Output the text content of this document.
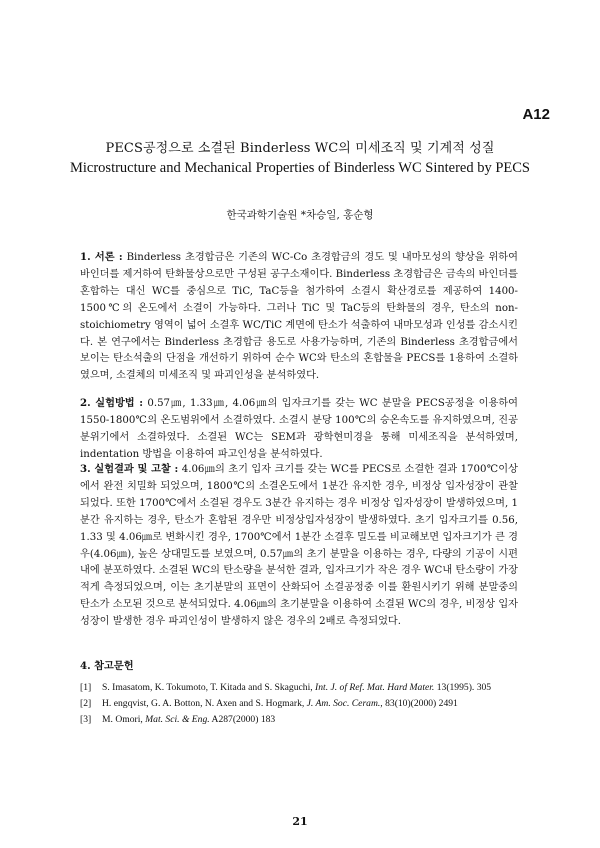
A12
PECS공정으로 소결된 Binderless WC의 미세조직 및 기계적 성질
Microstructure and Mechanical Properties of Binderless WC Sintered by PECS
한국과학기술원 *차승일, 홍순형
1. 서론 : Binderless 초경합금은 기존의 WC-Co 초경합금의 경도 및 내마모성의 향상을 위하여 바인더를 제거하여 탄화물상으로만 구성된 공구소재이다. Binderless 초경합금은 금속의 바인더를 혼합하는 대신 WC를 중심으로 TiC, TaC등을 첨가하여 소결시 확산경로를 제공하여 1400-1500℃의 온도에서 소결이 가능하다. 그러나 TiC 및 TaC등의 탄화물의 경우, 탄소의 non-stoichiometry 영역이 넓어 소결후 WC/TiC 계면에 탄소가 석출하여 내마모성과 인성를 감소시킨다. 본 연구에서는 Binderless 초경합금 용도로 사용가능하며, 기존의 Binderless 초경합금에서 보이는 탄소석출의 단점을 개선하기 위하여 순수 WC와 탄소의 혼합물을 PECS를 1용하여 소결하였으며, 소결체의 미세조직 및 파괴인성을 분석하였다.
2. 실험방법 : 0.57㎛, 1.33㎛, 4.06㎛의 입자크기를 갖는 WC 분말을 PECS공정을 이용하여 1550-1800℃의 온도범위에서 소결하였다. 소결시 분당 100℃의 승온속도를 유지하였으며, 진공분위기에서 소결하였다. 소결된 WC는 SEM과 광학현미경을 통해 미세조직을 분석하였며, indentation 방법을 이용하여 파고인성을 분석하였다.
3. 실험결과 및 고찰 : 4.06㎛의 초기 입자 크기를 갖는 WC를 PECS로 소결한 결과 1700℃이상에서 완전 치밀화 되었으며, 1800℃의 소결온도에서 1분간 유지한 경우, 비정상 입자성장이 관찰되었다. 또한 1700℃에서 소결된 경우도 3분간 유지하는 경우 비정상 입자성장이 발생하였으며, 1분간 유지하는 경우, 탄소가 혼합된 경우만 비정상입자성장이 발생하였다. 초기 입자크기를 0.56, 1.33 및 4.06㎛로 변화시킨 경우, 1700℃에서 1분간 소결후 밀도를 비교해보면 입자크기가 큰 경우(4.06㎛), 높은 상대밀도를 보였으며, 0.57㎛의 초기 분말을 이용하는 경우, 다량의 기공이 시편내에 분포하였다. 소결된 WC의 탄소량을 분석한 결과, 입자크기가 작은 경우 WC내 탄소량이 가장 적게 측정되었으며, 이는 초기분말의 표면이 산화되어 소결공정중 이를 환원시키기 위해 분말중의 탄소가 소모된 것으로 분석되었다. 4.06㎛의 초기분말을 이용하여 소결된 WC의 경우, 비정상 입자성장이 발생한 경우 파괴인성이 발생하지 않은 경우의 2배로 측정되었다.
4. 참고문헌
[1]	S. Imasatom, K. Tokumoto, T. Kitada and S. Skaguchi, Int. J. of Ref. Mat. Hard Mater. 13(1995). 305
[2]	H. engqvist, G. A. Botton, N. Axen and S. Hogmark, J. Am. Soc. Ceram., 83(10)(2000) 2491
[3]	M. Omori, Mat. Sci. & Eng. A287(2000) 183
21
